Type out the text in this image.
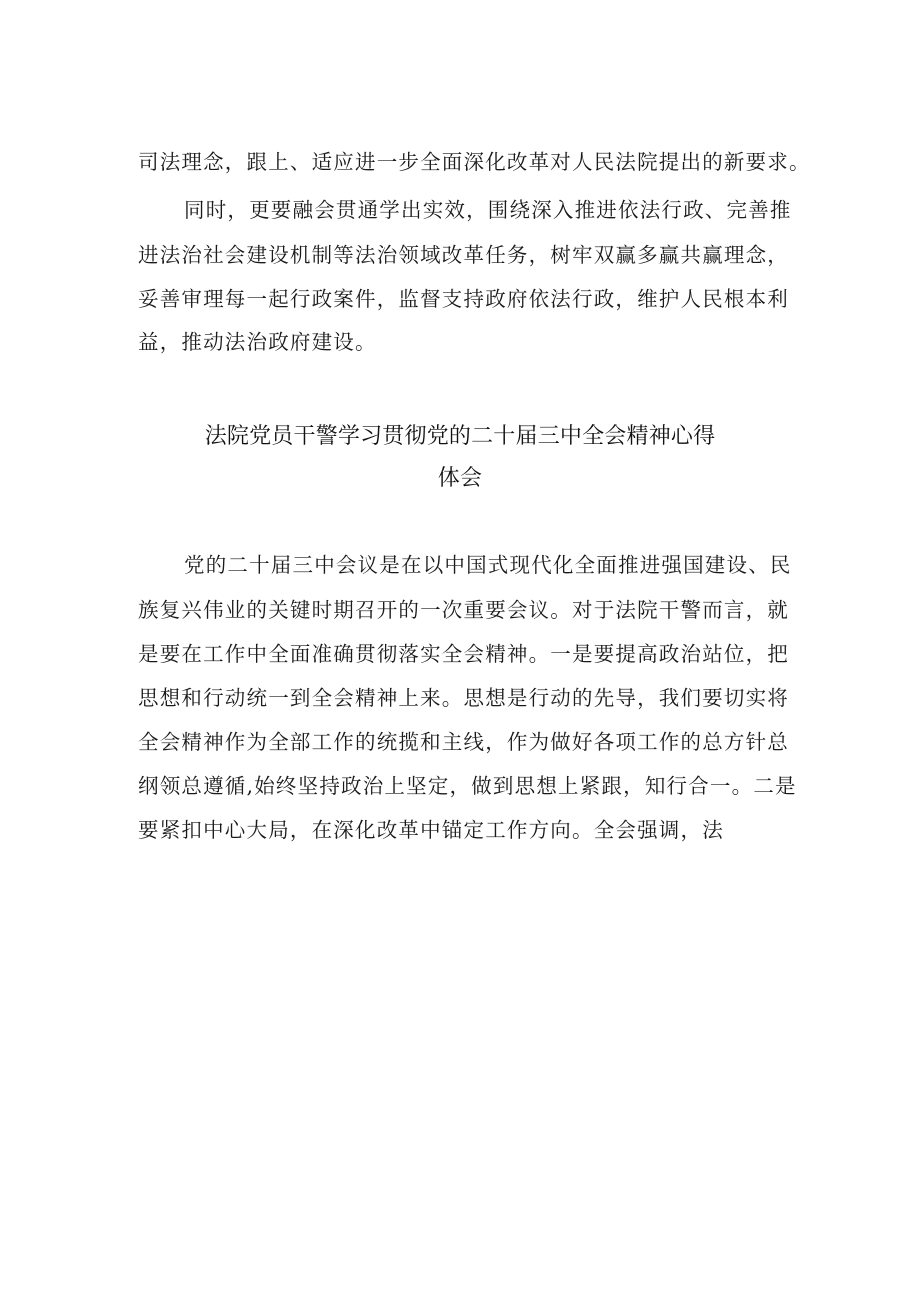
司法理念，跟上、适应进一步全面深化改革对人民法院提出的新要求。
同时，更要融会贯通学出实效，围绕深入推进依法行政、完善推
进法治社会建设机制等法治领域改革任务，树牢双赢多赢共赢理念，
妥善审理每一起行政案件，监督支持政府依法行政，维护人民根本利
益，推动法治政府建设。
法院党员干警学习贯彻党的二十届三中全会精神心得
体会
党的二十届三中会议是在以中国式现代化全面推进强国建设、民
族复兴伟业的关键时期召开的一次重要会议。对于法院干警而言，就
是要在工作中全面准确贯彻落实全会精神。一是要提高政治站位，把
思想和行动统一到全会精神上来。思想是行动的先导，我们要切实将
全会精神作为全部工作的统揽和主线，作为做好各项工作的总方针总
纲领总遵循,始终坚持政治上坚定，做到思想上紧跟，知行合一。二是
要紧扣中心大局，在深化改革中锚定工作方向。全会强调，法
